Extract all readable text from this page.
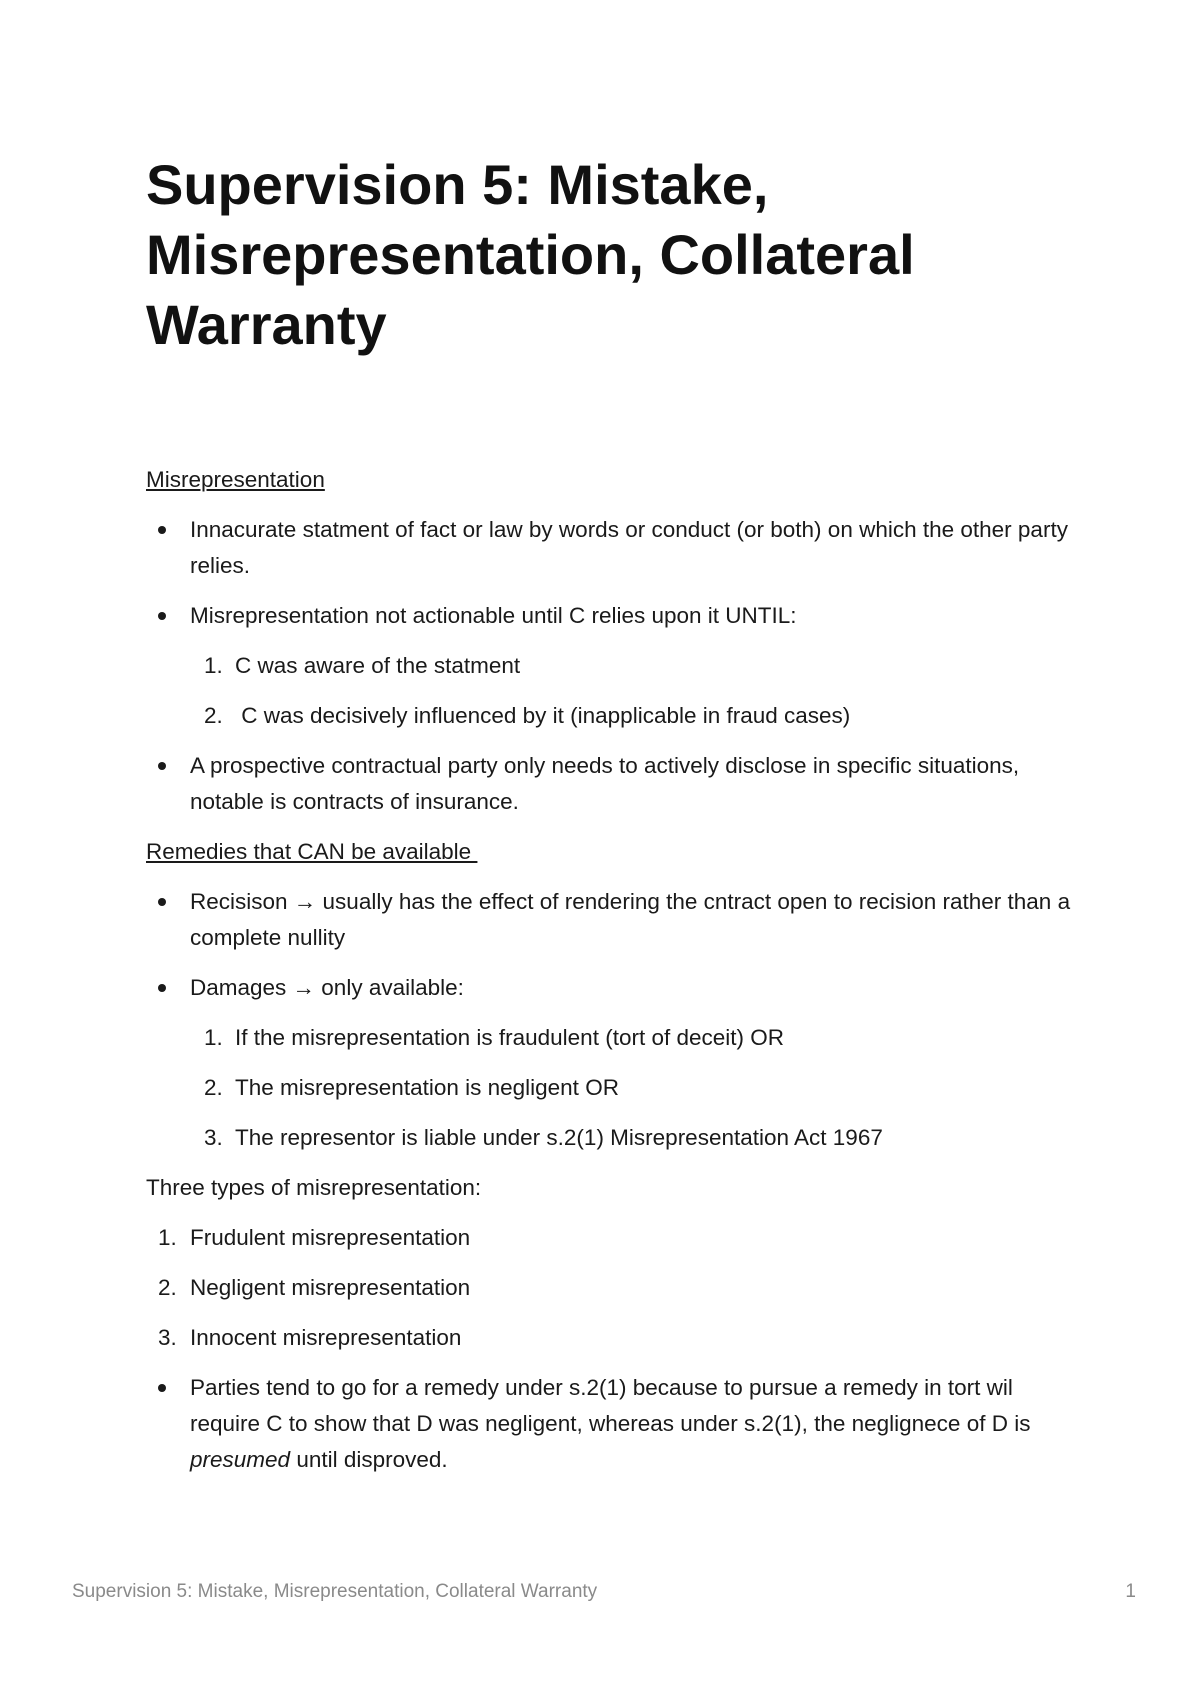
Supervision 5: Mistake, Misrepresentation, Collateral Warranty

Misrepresentation

Innacurate statment of fact or law by words or conduct (or both) on which the other party relies.
Misrepresentation not actionable until C relies upon it UNTIL:
1. C was aware of the statment
2. C was decisively influenced by it (inapplicable in fraud cases)
A prospective contractual party only needs to actively disclose in specific situations, notable is contracts of insurance.

Remedies that CAN be available

Recisison → usually has the effect of rendering the cntract open to recision rather than a complete nullity
Damages → only available:
1. If the misrepresentation is fraudulent (tort of deceit) OR
2. The misrepresentation is negligent OR
3. The representor is liable under s.2(1) Misrepresentation Act 1967

Three types of misrepresentation:

1. Frudulent misrepresentation
2. Negligent misrepresentation
3. Innocent misrepresentation
Parties tend to go for a remedy under s.2(1) because to pursue a remedy in tort wil require C to show that D was negligent, whereas under s.2(1), the neglignece of D is presumed until disproved.
Supervision 5: Mistake, Misrepresentation, Collateral Warranty	1
